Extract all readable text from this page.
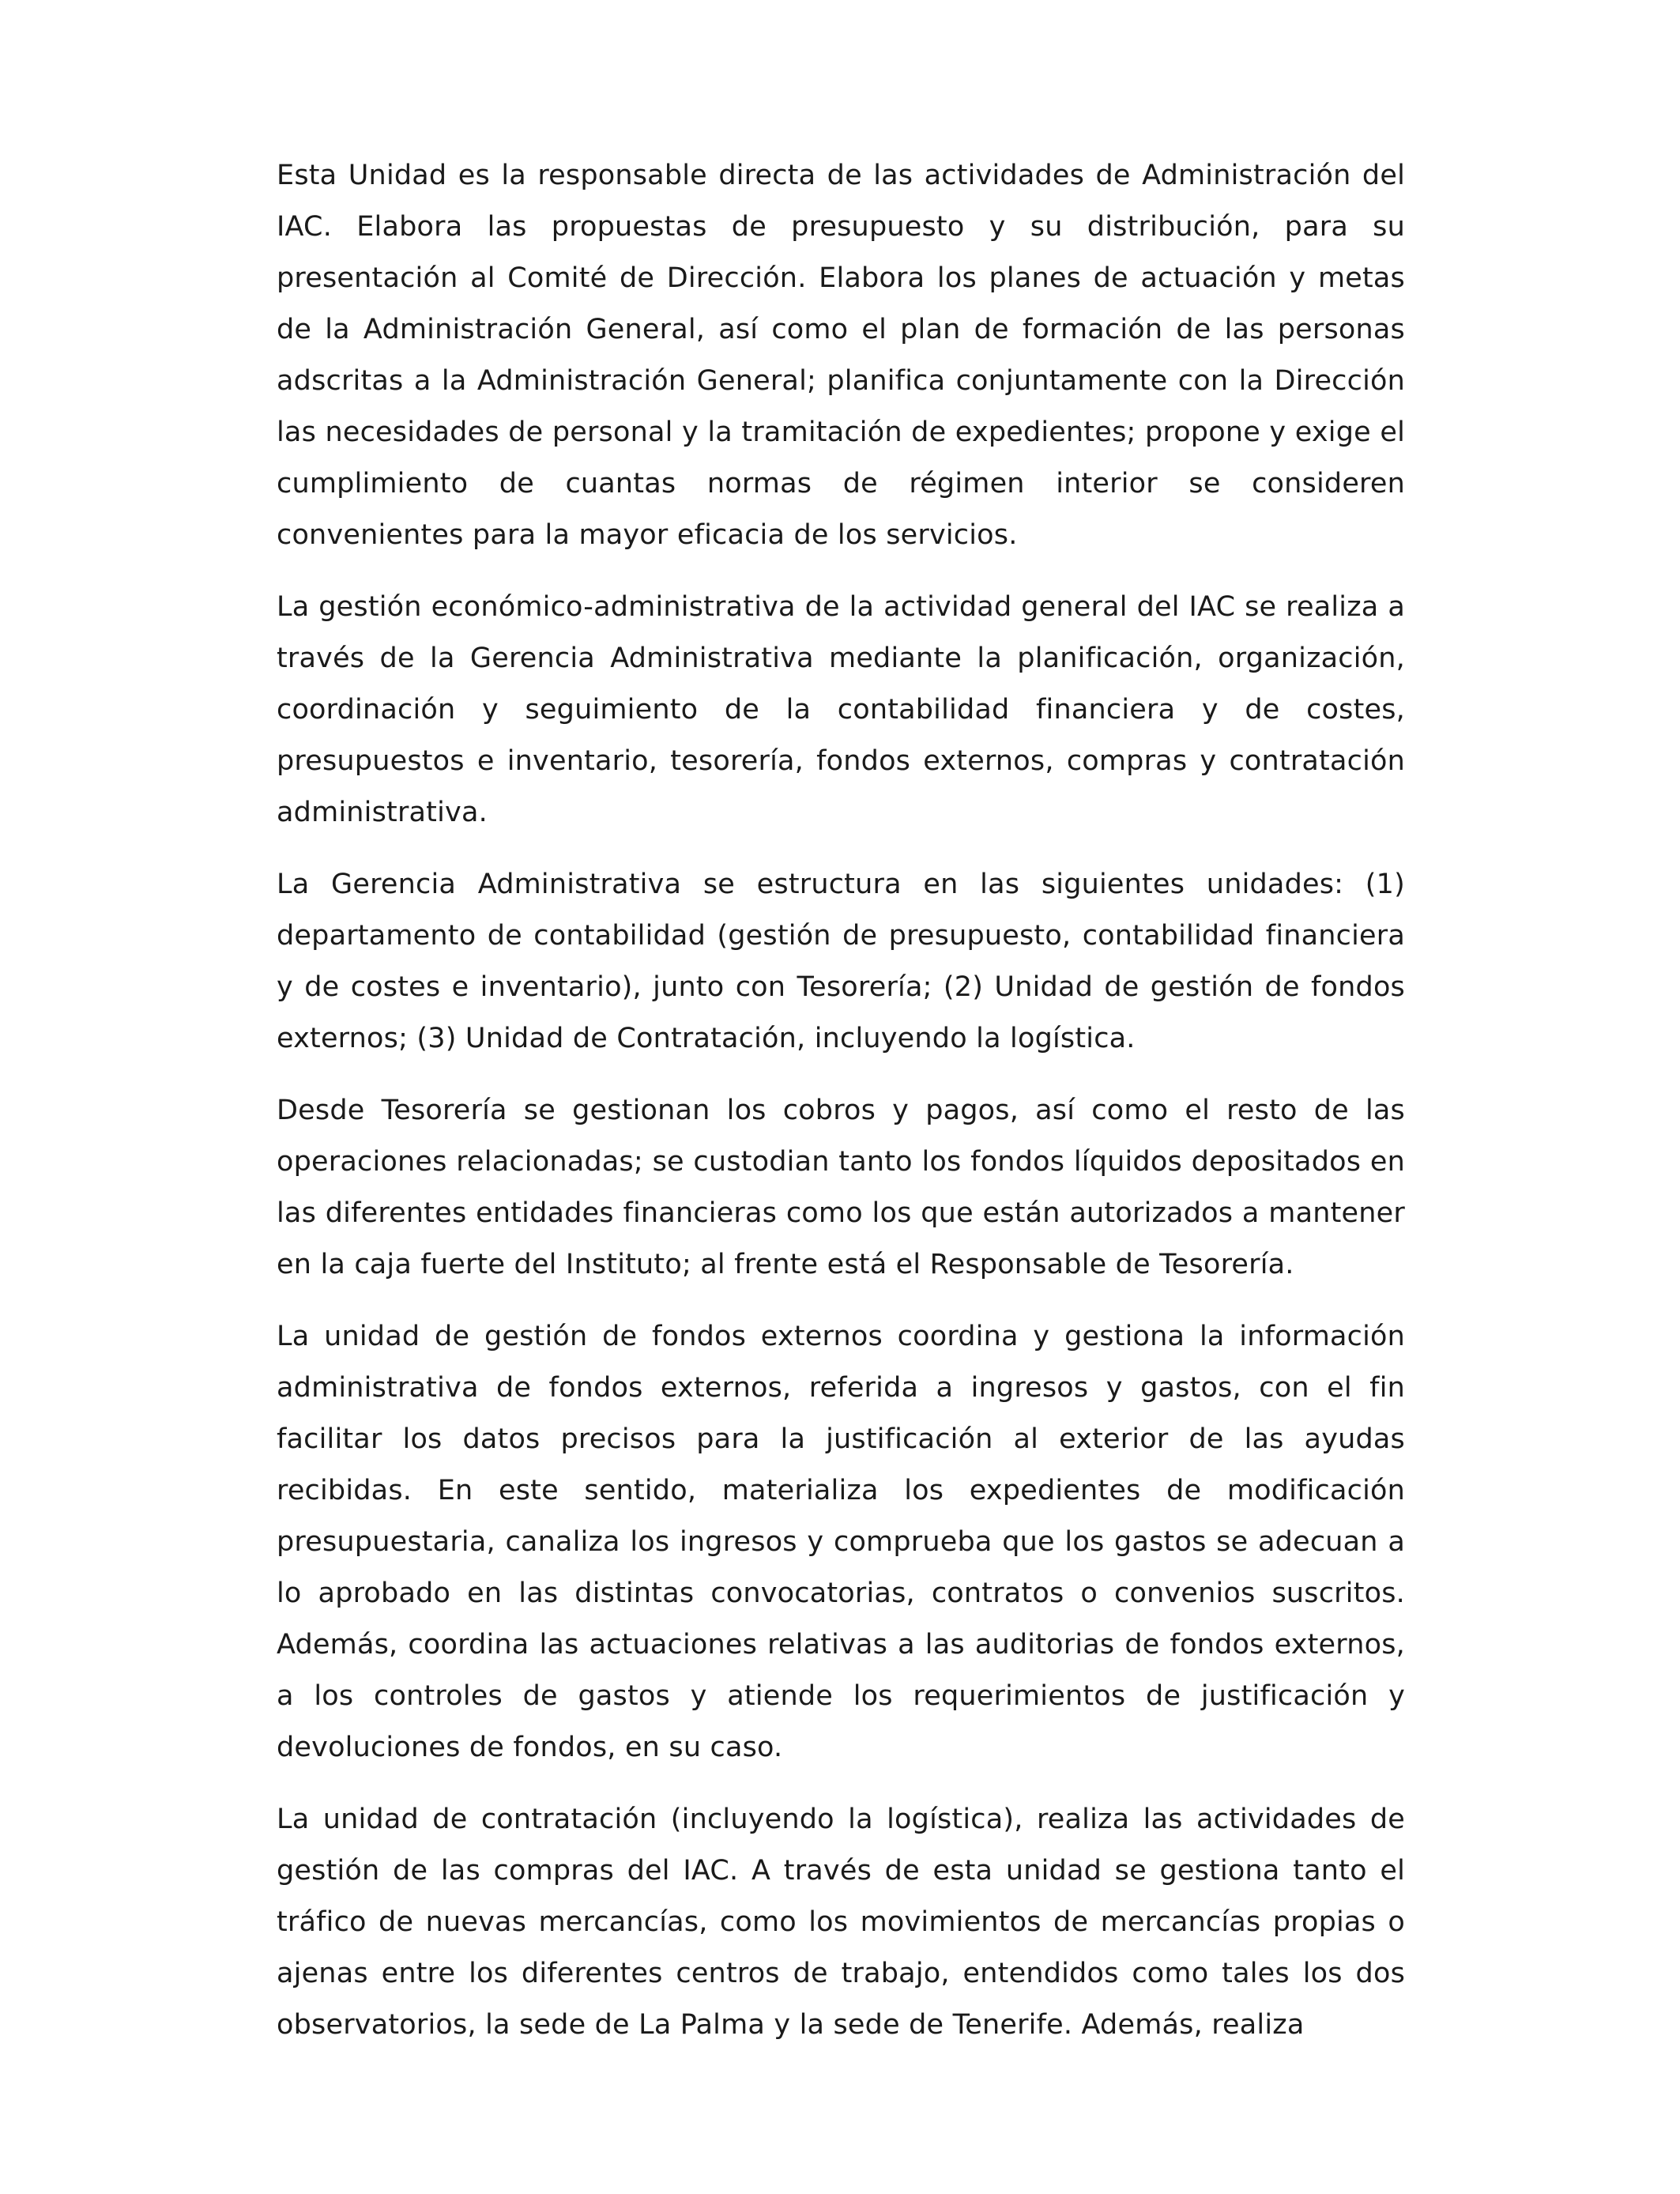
Esta Unidad es la responsable directa de las actividades de Administración del IAC. Elabora las propuestas de presupuesto y su distribución, para su presentación al Comité de Dirección. Elabora los planes de actuación y metas de la Administración General, así como el plan de formación de las personas adscritas a la Administración General; planifica conjuntamente con la Dirección las necesidades de personal y la tramitación de expedientes; propone y exige el cumplimiento de cuantas normas de régimen interior se consideren convenientes para la mayor eficacia de los servicios.

La gestión económico-administrativa de la actividad general del IAC se realiza a través de la Gerencia Administrativa mediante la planificación, organización, coordinación y seguimiento de la contabilidad financiera y de costes, presupuestos e inventario, tesorería, fondos externos, compras y contratación administrativa.

La Gerencia Administrativa se estructura en las siguientes unidades: (1) departamento de contabilidad (gestión de presupuesto, contabilidad financiera y de costes e inventario), junto con Tesorería; (2) Unidad de gestión de fondos externos; (3) Unidad de Contratación, incluyendo la logística.

Desde Tesorería se gestionan los cobros y pagos, así como el resto de las operaciones relacionadas; se custodian tanto los fondos líquidos depositados en las diferentes entidades financieras como los que están autorizados a mantener en la caja fuerte del Instituto; al frente está el Responsable de Tesorería.

La unidad de gestión de fondos externos coordina y gestiona la información administrativa de fondos externos, referida a ingresos y gastos, con el fin facilitar los datos precisos para la justificación al exterior de las ayudas recibidas. En este sentido, materializa los expedientes de modificación presupuestaria, canaliza los ingresos y comprueba que los gastos se adecuan a lo aprobado en las distintas convocatorias, contratos o convenios suscritos. Además, coordina las actuaciones relativas a las auditorias de fondos externos, a los controles de gastos y atiende los requerimientos de justificación y devoluciones de fondos, en su caso.

La unidad de contratación (incluyendo la logística), realiza las actividades de gestión de las compras del IAC. A través de esta unidad se gestiona tanto el tráfico de nuevas mercancías, como los movimientos de mercancías propias o ajenas entre los diferentes centros de trabajo, entendidos como tales los dos observatorios, la sede de La Palma y la sede de Tenerife. Además, realiza
